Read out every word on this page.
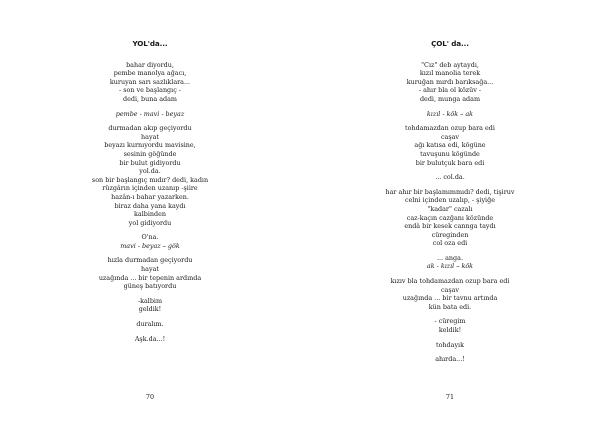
YOL'da...
bahar diyordu,
pembe manolya ağacı,
kuruyan sarı sazlıklara...
- son ve başlangıç -
dedi, buna adam
pembe - mavi - beyaz
durmadan akıp geçiyordu
hayat
beyazı kurnıyordu mavisine,
sesinin göğünde
bir bulut gidiyordu
yol.da.
son bir başlangıç mıdır? dedi, kadın
rüzgârın içinden uzanıp -şiire
hazân-ı bahar yazarken.
biraz daha yana kaydı
kalbinden
yol gidiyordu
O'na.
mavi - beyaz – gök
hızla durmadan geçiyordu
hayat
uzağında ... bir tepenin ardında
güneş batıyordu
-kalbim
geldik!
duralım.
Aşk.da...!
70
ÇOL' da...
"Cız" deb aytaydı,
kızıl manolia terek
kuruğan mırdı barıksağa...
- ahır bla ol közüv -
dedi, munga adam
kızıl - kök – ak
tohdamazdan ozup bara edi
caşav
ağı katısa edi, kögüne
tavuşunu kögünde
bir bulutçuk bara edi
... col.da.
har ahır bir başlamımmıdı? dedi, tişiruv
celni içinden uzalıp, - şiyiğe
"kadar" cazalı
caz-kaçın cazğanı közünde
endâ bir kesek cannga taydı
cüreginden
col oza edi
... anga.
ak - kızıl – kök
kızıv bla tohdamazdan ozup bara edi
caşav
uzağında ... bir tavnu artında
kün bata edi.
- cüregim
keldik!
tohdayık
ahırda...!
71
